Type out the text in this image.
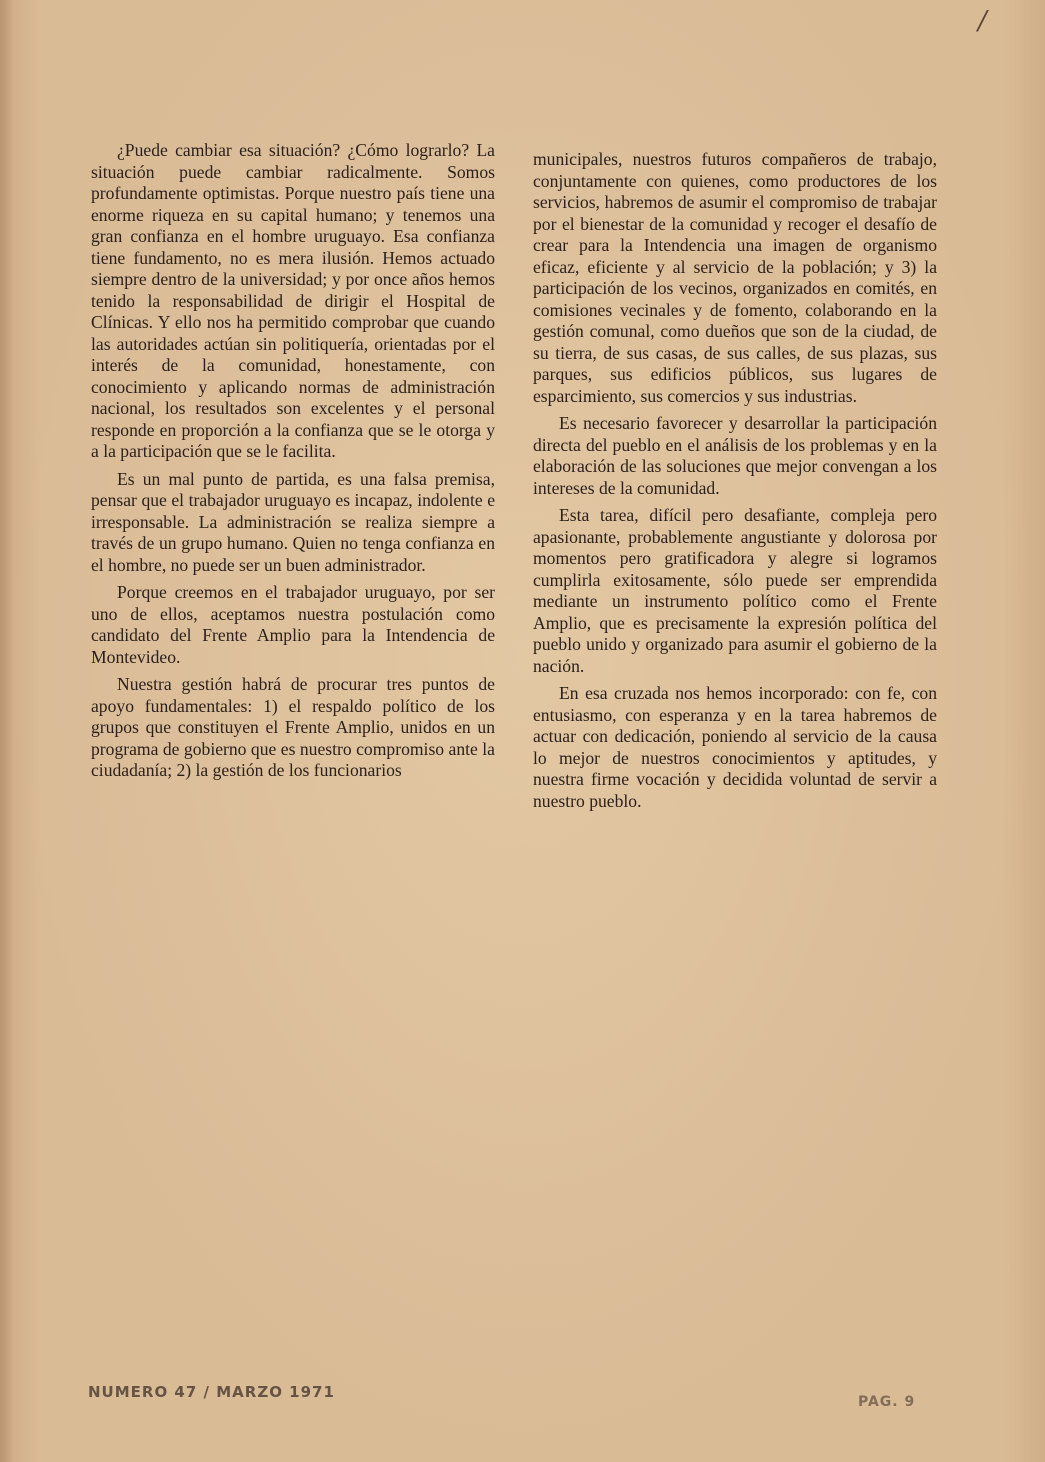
/

¿Puede cambiar esa situación? ¿Cómo lograrlo? La situación puede cambiar radicalmente. Somos profundamente optimistas. Porque nuestro país tiene una enorme riqueza en su capital humano; y tenemos una gran confianza en el hombre uruguayo. Esa confianza tiene fundamento, no es mera ilusión. Hemos actuado siempre dentro de la universidad; y por once años hemos tenido la responsabilidad de dirigir el Hospital de Clínicas. Y ello nos ha permitido comprobar que cuando las autoridades actúan sin politiquería, orientadas por el interés de la comunidad, honestamente, con conocimiento y aplicando normas de administración nacional, los resultados son excelentes y el personal responde en proporción a la confianza que se le otorga y a la participación que se le facilita.

Es un mal punto de partida, es una falsa premisa, pensar que el trabajador uruguayo es incapaz, indolente e irresponsable. La administración se realiza siempre a través de un grupo humano. Quien no tenga confianza en el hombre, no puede ser un buen administrador.

Porque creemos en el trabajador uruguayo, por ser uno de ellos, aceptamos nuestra postulación como candidato del Frente Amplio para la Intendencia de Montevideo.

Nuestra gestión habrá de procurar tres puntos de apoyo fundamentales: 1) el respaldo político de los grupos que constituyen el Frente Amplio, unidos en un programa de gobierno que es nuestro compromiso ante la ciudadanía; 2) la gestión de los funcionarios

municipales, nuestros futuros compañeros de trabajo, conjuntamente con quienes, como productores de los servicios, habremos de asumir el compromiso de trabajar por el bienestar de la comunidad y recoger el desafío de crear para la Intendencia una imagen de organismo eficaz, eficiente y al servicio de la población; y 3) la participación de los vecinos, organizados en comités, en comisiones vecinales y de fomento, colaborando en la gestión comunal, como dueños que son de la ciudad, de su tierra, de sus casas, de sus calles, de sus plazas, sus parques, sus edificios públicos, sus lugares de esparcimiento, sus comercios y sus industrias.

Es necesario favorecer y desarrollar la participación directa del pueblo en el análisis de los problemas y en la elaboración de las soluciones que mejor convengan a los intereses de la comunidad.

Esta tarea, difícil pero desafiante, compleja pero apasionante, probablemente angustiante y dolorosa por momentos pero gratificadora y alegre si logramos cumplirla exitosamente, sólo puede ser emprendida mediante un instrumento político como el Frente Amplio, que es precisamente la expresión política del pueblo unido y organizado para asumir el gobierno de la nación.

En esa cruzada nos hemos incorporado: con fe, con entusiasmo, con esperanza y en la tarea habremos de actuar con dedicación, poniendo al servicio de la causa lo mejor de nuestros conocimientos y aptitudes, y nuestra firme vocación y decidida voluntad de servir a nuestro pueblo.

NUMERO 47 / MARZO 1971
PAG. 9
